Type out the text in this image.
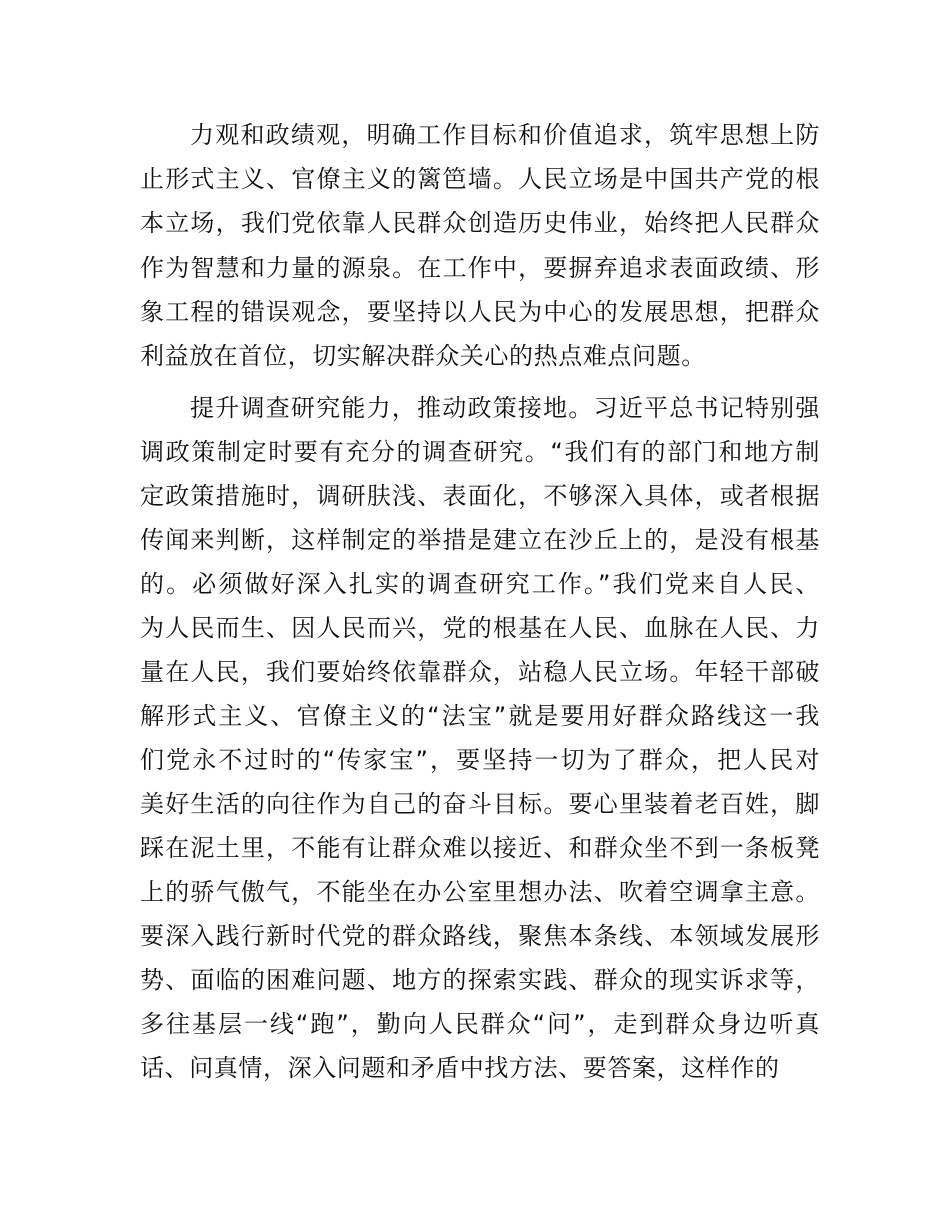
力观和政绩观，明确工作目标和价值追求，筑牢思想上防
止形式主义、官僚主义的篱笆墙。人民立场是中国共产党的根
本立场，我们党依靠人民群众创造历史伟业，始终把人民群众
作为智慧和力量的源泉。在工作中，要摒弃追求表面政绩、形
象工程的错误观念，要坚持以人民为中心的发展思想，把群众
利益放在首位，切实解决群众关心的热点难点问题。
提升调查研究能力，推动政策接地。习近平总书记特别强
调政策制定时要有充分的调查研究。“我们有的部门和地方制
定政策措施时，调研肤浅、表面化，不够深入具体，或者根据
传闻来判断，这样制定的举措是建立在沙丘上的，是没有根基
的。必须做好深入扎实的调查研究工作。”我们党来自人民、
为人民而生、因人民而兴，党的根基在人民、血脉在人民、力
量在人民，我们要始终依靠群众，站稳人民立场。年轻干部破
解形式主义、官僚主义的“法宝”就是要用好群众路线这一我
们党永不过时的“传家宝”，要坚持一切为了群众，把人民对
美好生活的向往作为自己的奋斗目标。要心里装着老百姓，脚
踩在泥土里，不能有让群众难以接近、和群众坐不到一条板凳
上的骄气傲气，不能坐在办公室里想办法、吹着空调拿主意。
要深入践行新时代党的群众路线，聚焦本条线、本领域发展形
势、面临的困难问题、地方的探索实践、群众的现实诉求等，
多往基层一线“跑”，勤向人民群众“问”，走到群众身边听真
话、问真情，深入问题和矛盾中找方法、要答案，这样作的
